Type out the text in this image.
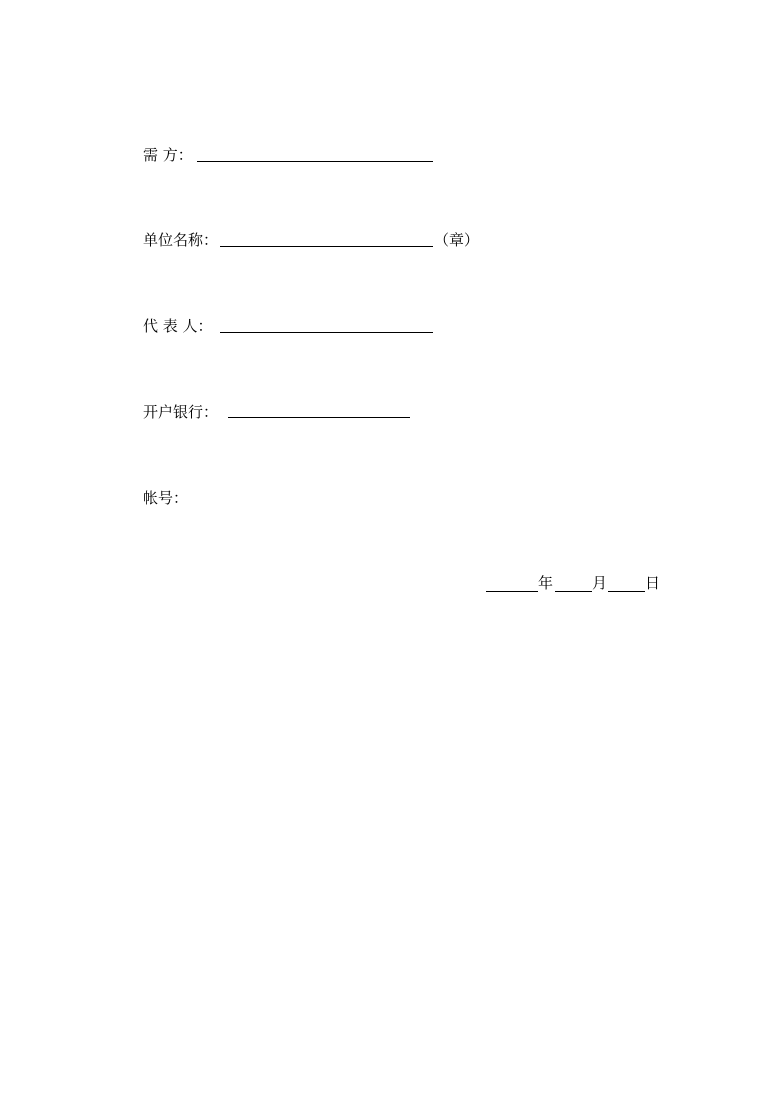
需 方：
单位名称：	（章）
代 表 人：
开户银行：
帐号：
年	月	日
